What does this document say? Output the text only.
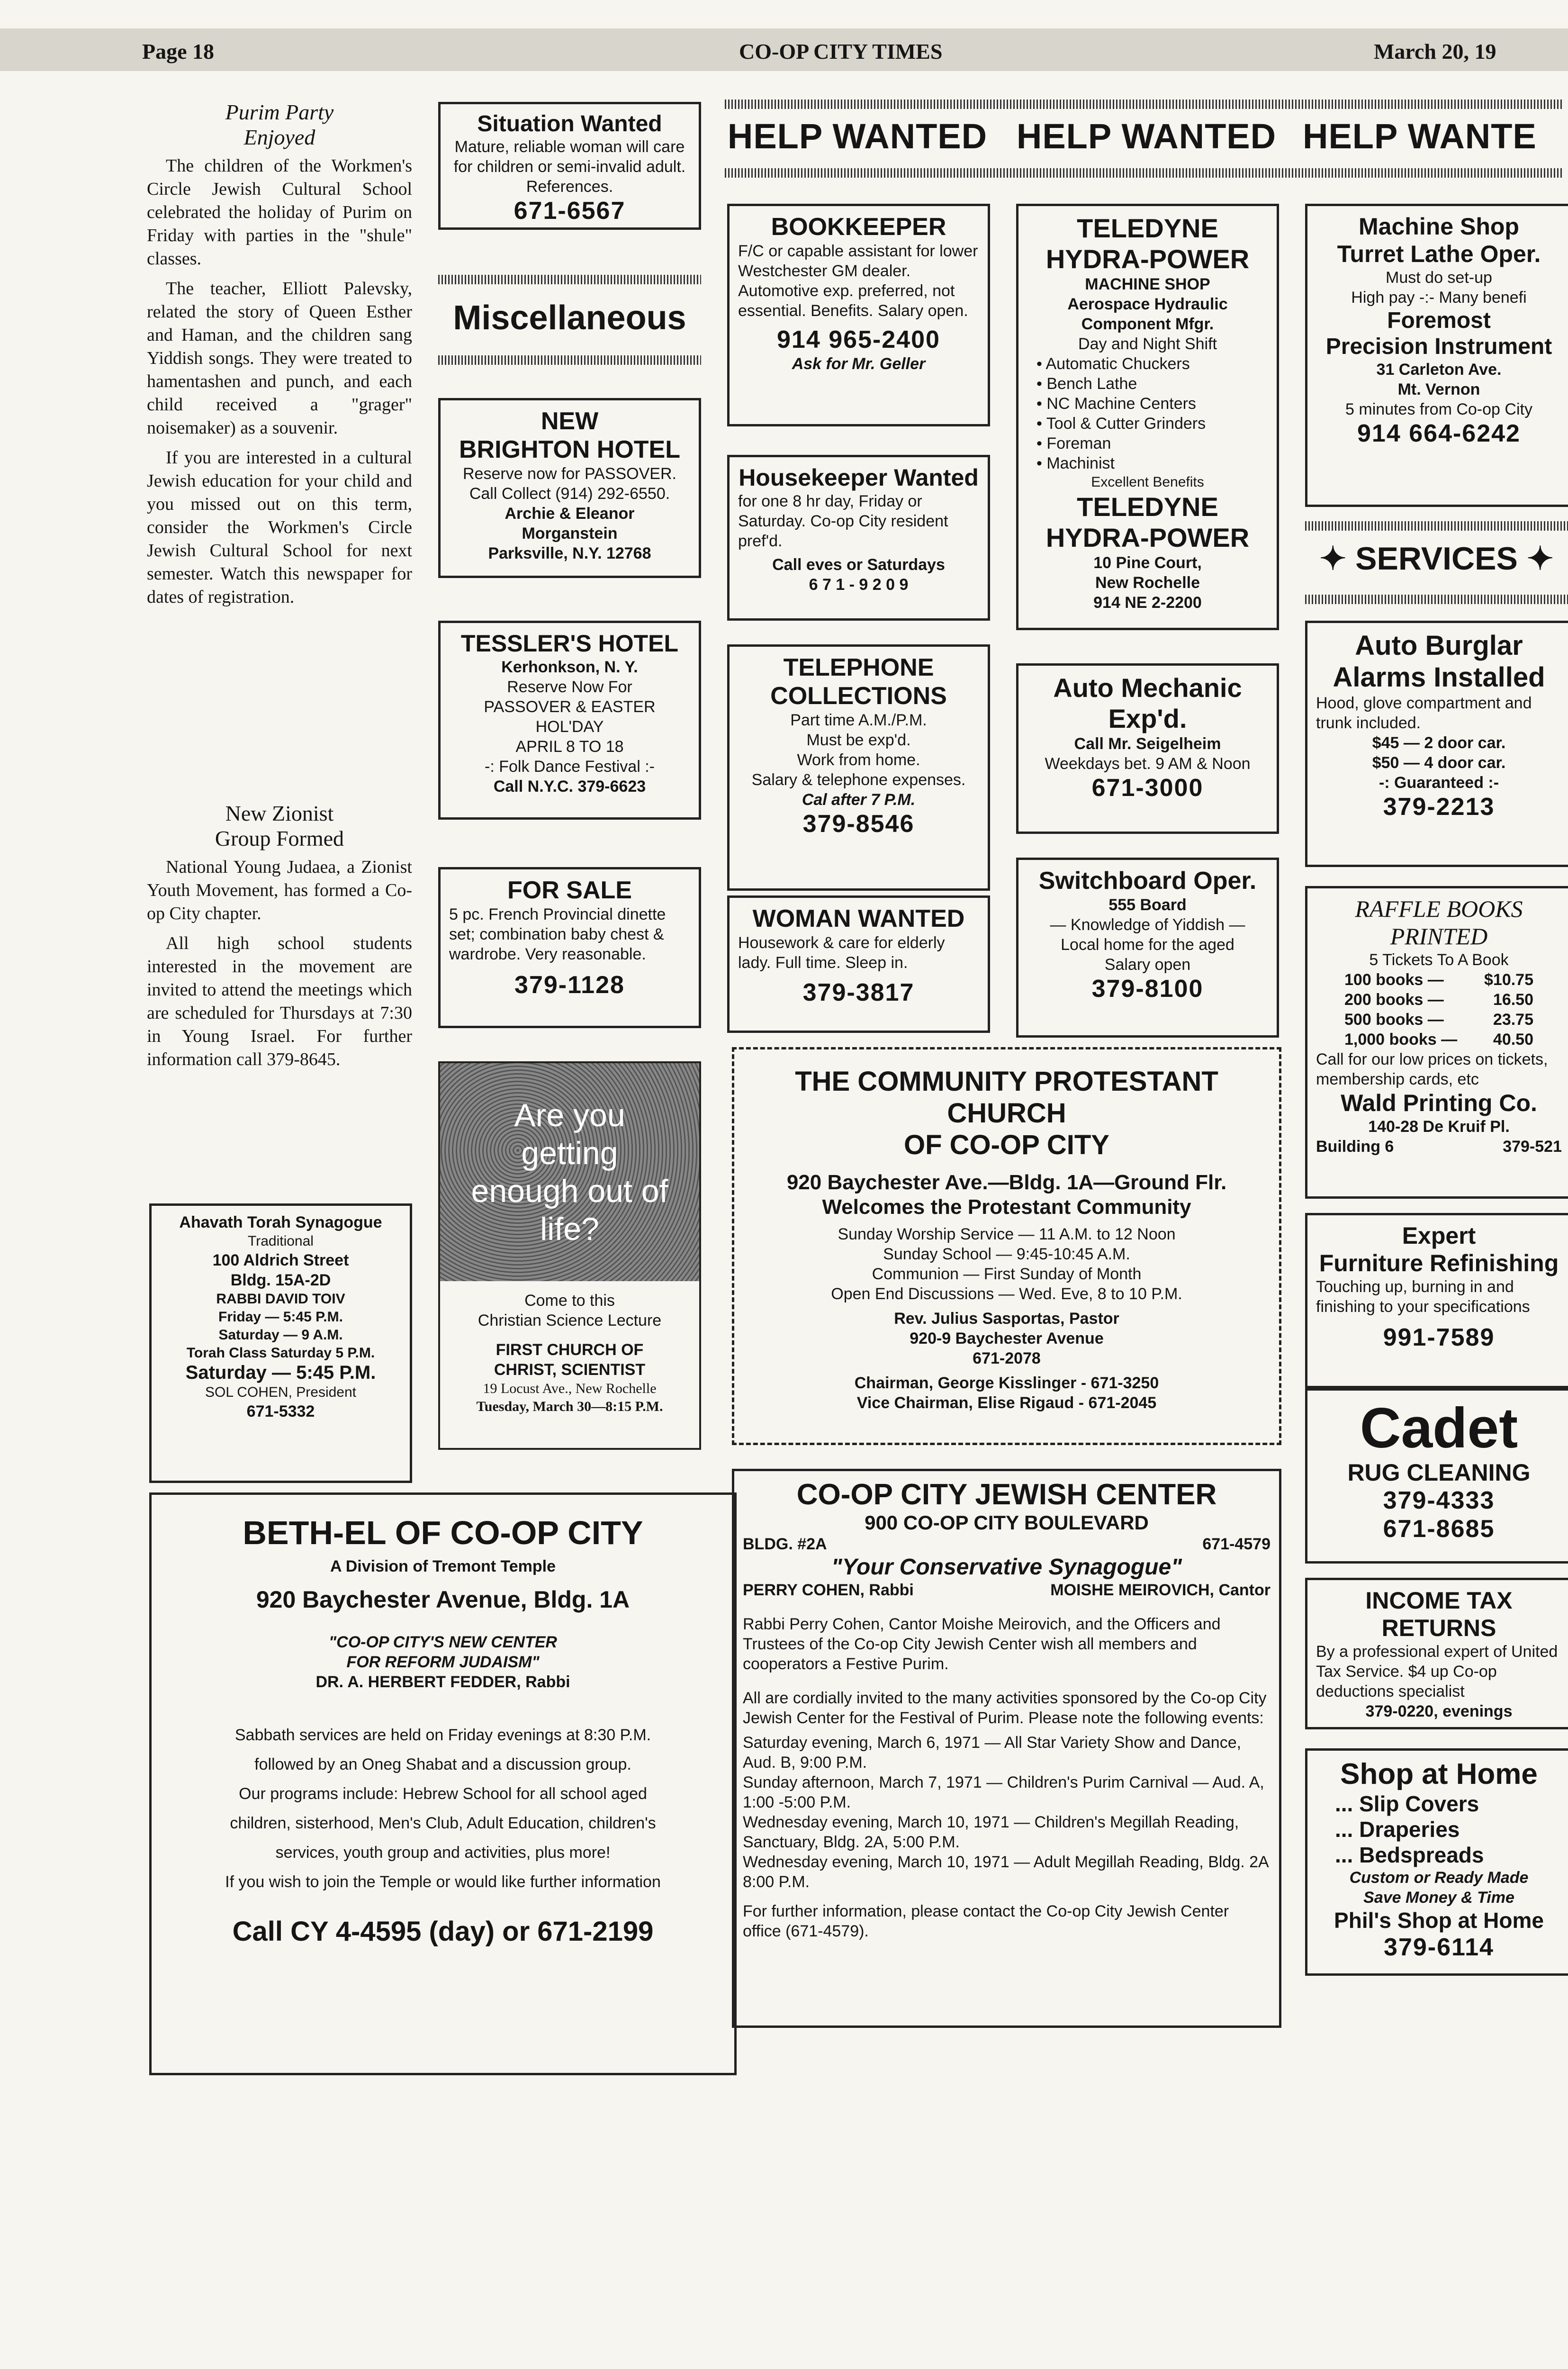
Page 18	CO-OP CITY TIMES	March 20, 19
Purim Party
Enjoyed

The children of the Workmen's Circle Jewish Cultural School celebrated the holiday of Purim on Friday with parties in the "shule" classes.

The teacher, Elliott Palevsky, related the story of Queen Esther and Haman, and the children sang Yiddish songs. They were treated to hamentashen and punch, and each child received a "grager" noisemaker) as a souvenir.

If you are interested in a cultural Jewish education for your child and you missed out on this term, consider the Workmen's Circle Jewish Cultural School for next semester. Watch this newspaper for dates of registration.

New Zionist
Group Formed

National Young Judaea, a Zionist Youth Movement, has formed a Co-op City chapter.

All high school students interested in the movement are invited to attend the meetings which are scheduled for Thursdays at 7:30 in Young Israel. For further information call 379-8645.

Ahavath Torah Synagogue
Traditional
100 Aldrich Street
Bldg. 15A-2D
RABBI DAVID TOIV
Friday — 5:45 P.M.
Saturday — 9 A.M.
Torah Class Saturday 5 P.M.
Saturday — 5:45 P.M.
SOL COHEN, President
671-5332
Situation Wanted
Mature, reliable woman will care for children or semi-invalid adult. References.
671-6567
Miscellaneous
NEW
BRIGHTON HOTEL
Reserve now for PASSOVER.
Call Collect (914) 292-6550.
Archie & Eleanor
Morganstein
Parksville, N.Y. 12768
TESSLER'S HOTEL
Kerhonkson, N. Y.
Reserve Now For
PASSOVER & EASTER
HOL'DAY
APRIL 8 TO 18
-: Folk Dance Festival :-
Call N.Y.C. 379-6623
FOR SALE
5 pc. French Provincial dinette set; combination baby chest & wardrobe. Very reasonable.
379-1128
Are you getting enough out of life?
Come to this
Christian Science Lecture
FIRST CHURCH OF
CHRIST, SCIENTIST
19 Locust Ave., New Rochelle
Tuesday, March 30—8:15 P.M.
HELP WANTED HELP WANTED HELP WANTE
BOOKKEEPER
F/C or capable assistant for lower Westchester GM dealer. Automotive exp. preferred, not essential. Benefits. Salary open.
914 965-2400
Ask for Mr. Geller
Housekeeper Wanted
for one 8 hr day, Friday or Saturday. Co-op City resident pref'd.
Call eves or Saturdays
6 7 1 - 9 2 0 9
TELEPHONE
COLLECTIONS
Part time A.M./P.M.
Must be exp'd.
Work from home.
Salary & telephone expenses.
Cal after 7 P.M.
379-8546
WOMAN WANTED
Housework & care for elderly lady. Full time. Sleep in.
379-3817
TELEDYNE
HYDRA-POWER
MACHINE SHOP
Aerospace Hydraulic
Component Mfgr.
Day and Night Shift
• Automatic Chuckers
• Bench Lathe
• NC Machine Centers
• Tool & Cutter Grinders
• Foreman
• Machinist
Excellent Benefits
TELEDYNE
HYDRA-POWER
10 Pine Court,
New Rochelle
914 NE 2-2200
Auto Mechanic
Exp'd.
Call Mr. Seigelheim
Weekdays bet. 9 AM & Noon
671-3000
Switchboard Oper.
555 Board
— Knowledge of Yiddish —
Local home for the aged
Salary open
379-8100
Machine Shop
Turret Lathe Oper.
Must do set-up
High pay -:- Many benefi
Foremost
Precision Instrument
31 Carleton Ave.
Mt. Vernon
5 minutes from Co-op City
914 664-6242
✦ SERVICES ✦
Auto Burglar
Alarms Installed
Hood, glove compartment and trunk included.
$45 — 2 door car.
$50 — 4 door car.
-: Guaranteed :-
379-2213
RAFFLE BOOKS
PRINTED
5 Tickets To A Book
100 books —	$10.75
200 books —	16.50
500 books —	23.75
1,000 books — 40.50
Call for our low prices on tickets, membership cards, etc
Wald Printing Co.
140-28 De Kruif Pl.
Building 6	379-521
Expert
Furniture Refinishing
Touching up, burning in and finishing to your specifications
991-7589
Cadet
RUG CLEANING
379-4333
671-8685
INCOME TAX
RETURNS
By a professional expert of United Tax Service. $4 up Co-op deductions specialist
379-0220, evenings
Shop at Home
... Slip Covers
... Draperies
... Bedspreads
Custom or Ready Made
Save Money & Time
Phil's Shop at Home
379-6114
THE COMMUNITY PROTESTANT CHURCH
OF CO-OP CITY
920 Baychester Ave.—Bldg. 1A—Ground Flr.
Welcomes the Protestant Community
Sunday Worship Service — 11 A.M. to 12 Noon
Sunday School — 9:45-10:45 A.M.
Communion — First Sunday of Month
Open End Discussions — Wed. Eve, 8 to 10 P.M.
Rev. Julius Sasportas, Pastor
920-9 Baychester Avenue
671-2078
Chairman, George Kisslinger - 671-3250
Vice Chairman, Elise Rigaud - 671-2045
BETH-EL OF CO-OP CITY
A Division of Tremont Temple
920 Baychester Avenue, Bldg. 1A
"CO-OP CITY'S NEW CENTER
FOR REFORM JUDAISM"
DR. A. HERBERT FEDDER, Rabbi
Sabbath services are held on Friday evenings at 8:30 P.M.
followed by an Oneg Shabat and a discussion group.
Our programs include: Hebrew School for all school aged
children, sisterhood, Men's Club, Adult Education, children's
services, youth group and activities, plus more!
If you wish to join the Temple or would like further information
Call CY 4-4595 (day) or 671-2199
CO-OP CITY JEWISH CENTER
900 CO-OP CITY BOULEVARD
BLDG. #2A	671-4579
"Your Conservative Synagogue"
PERRY COHEN, Rabbi	MOISHE MEIROVICH, Cantor
Rabbi Perry Cohen, Cantor Moishe Meirovich, and the Officers and Trustees of the Co-op City Jewish Center wish all members and cooperators a Festive Purim.
All are cordially invited to the many activities sponsored by the Co-op City Jewish Center for the Festival of Purim. Please note the following events:
Saturday evening, March 6, 1971 — All Star Variety Show and Dance, Aud. B, 9:00 P.M.
Sunday afternoon, March 7, 1971 — Children's Purim Carnival — Aud. A, 1:00 -5:00 P.M.
Wednesday evening, March 10, 1971 — Children's Megillah Reading, Sanctuary, Bldg. 2A, 5:00 P.M.
Wednesday evening, March 10, 1971 — Adult Megillah Reading, Bldg. 2A 8:00 P.M.
For further information, please contact the Co-op City Jewish Center office (671-4579).
